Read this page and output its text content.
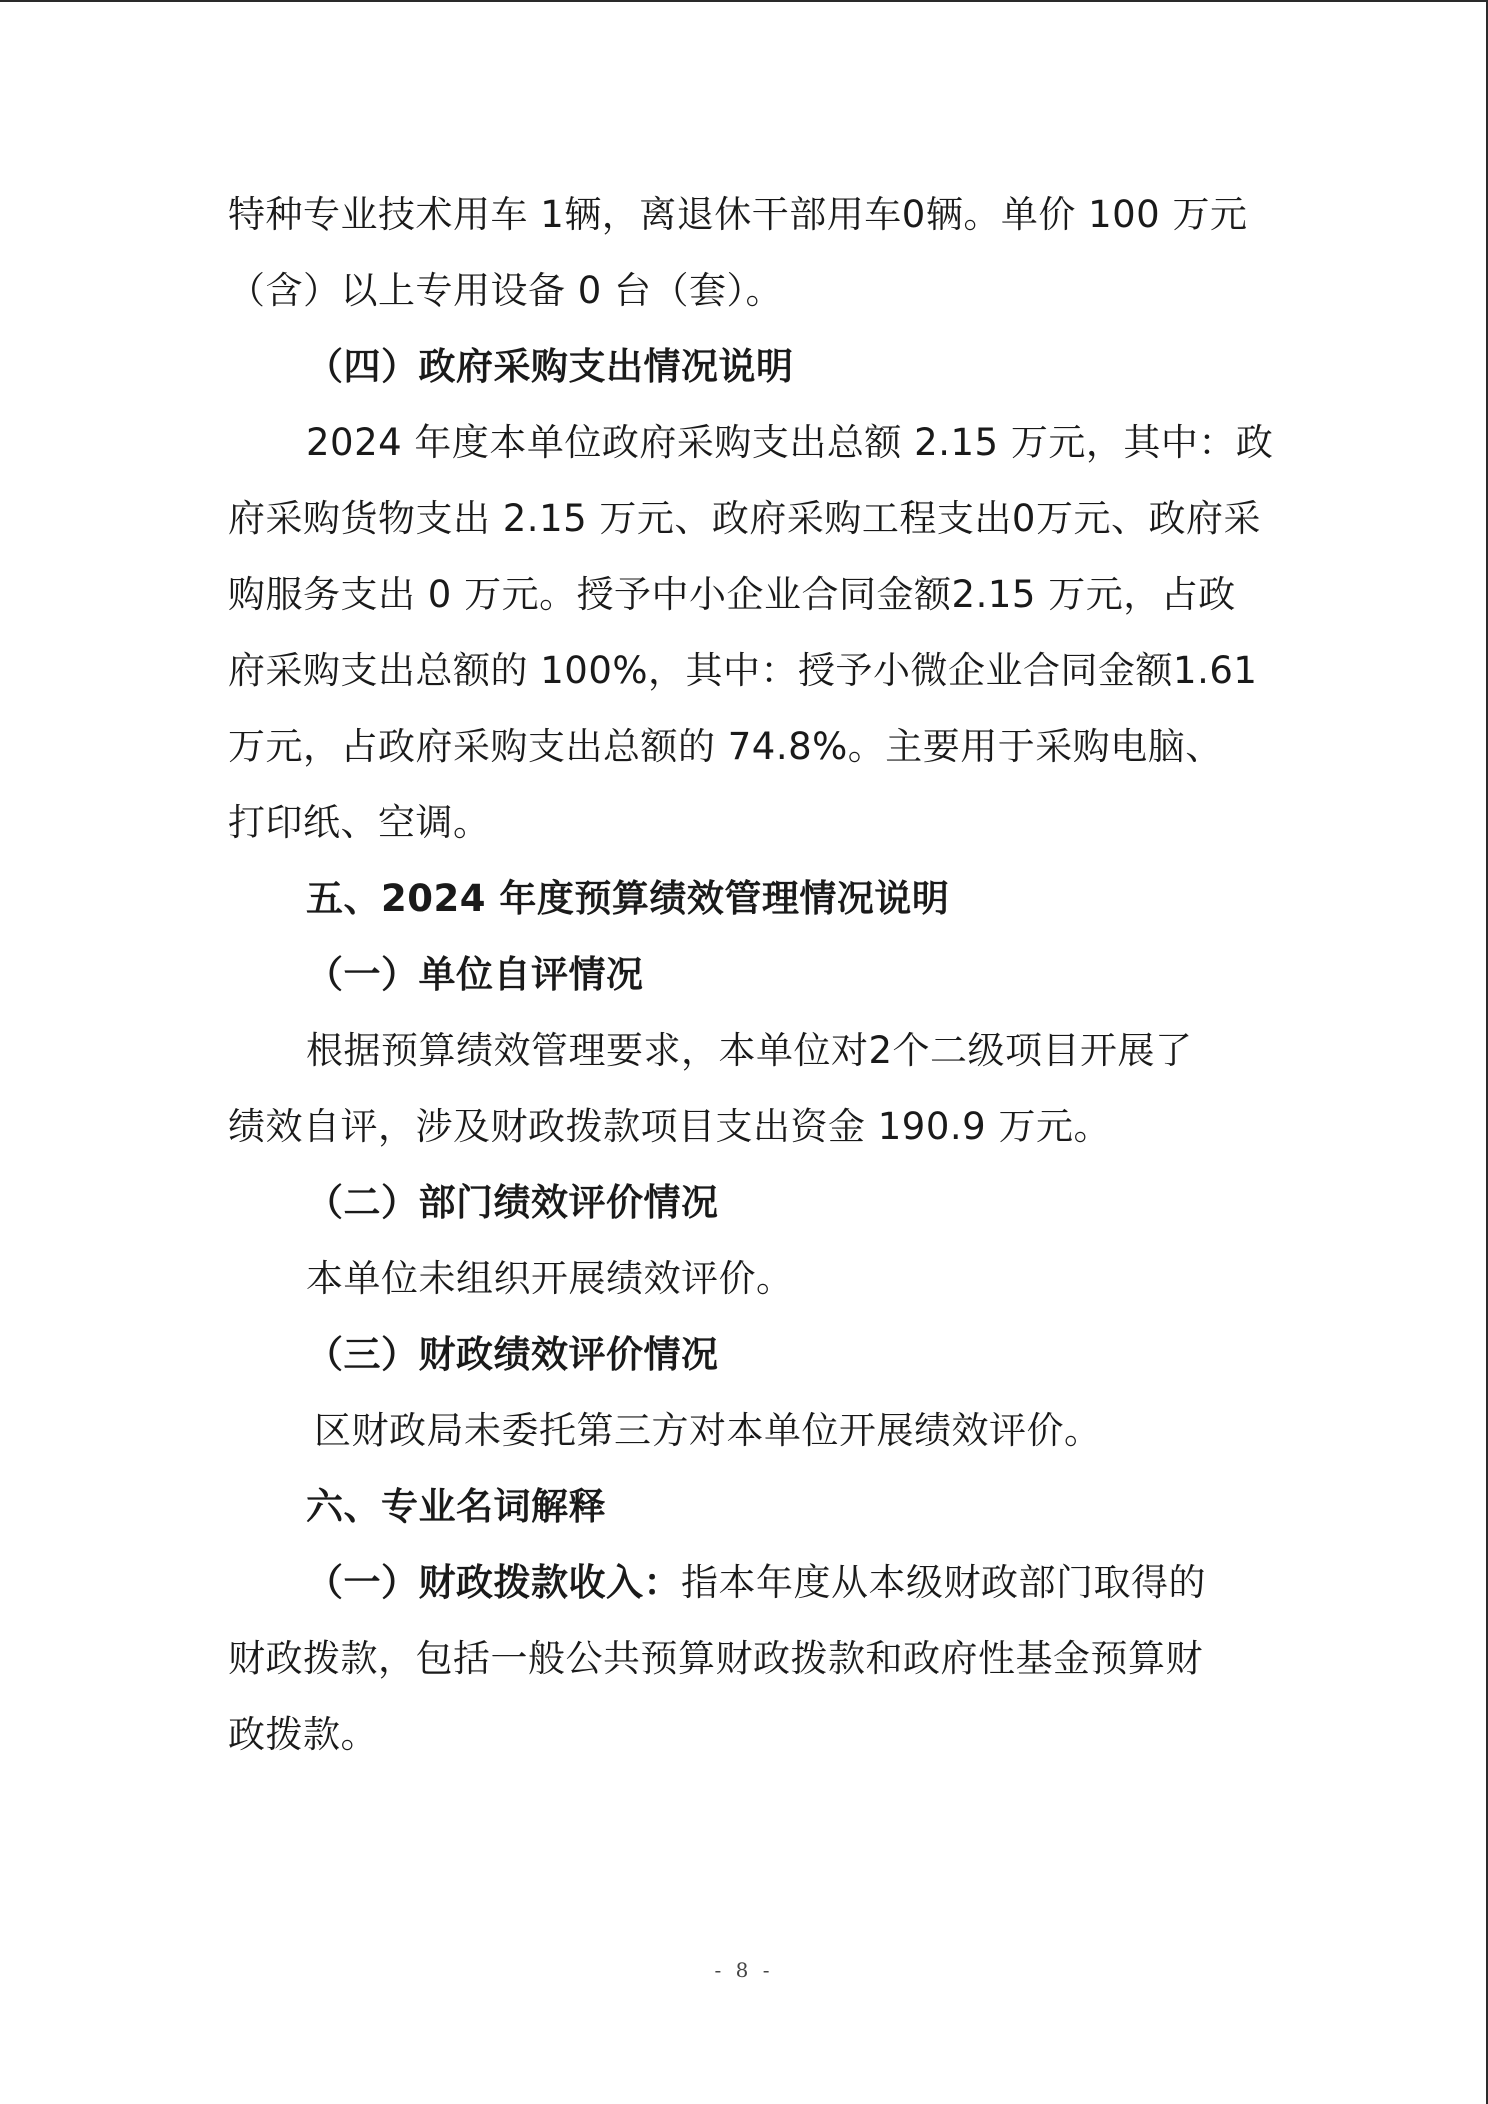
特种专业技术用车 1辆，离退休干部用车0辆。单价 100 万元
（含）以上专用设备 0 台（套）。
（四）政府采购支出情况说明
2024 年度本单位政府采购支出总额 2.15 万元，其中：政
府采购货物支出 2.15 万元、政府采购工程支出0万元、政府采
购服务支出 0 万元。授予中小企业合同金额2.15 万元，占政
府采购支出总额的 100%，其中：授予小微企业合同金额1.61
万元，占政府采购支出总额的 74.8%。主要用于采购电脑、
打印纸、空调。
五、2024 年度预算绩效管理情况说明
（一）单位自评情况
根据预算绩效管理要求，本单位对2个二级项目开展了
绩效自评，涉及财政拨款项目支出资金 190.9 万元。
（二）部门绩效评价情况
本单位未组织开展绩效评价。
（三）财政绩效评价情况
区财政局未委托第三方对本单位开展绩效评价。
六、专业名词解释
（一）财政拨款收入：指本年度从本级财政部门取得的
财政拨款，包括一般公共预算财政拨款和政府性基金预算财
政拨款。
- 8 -
